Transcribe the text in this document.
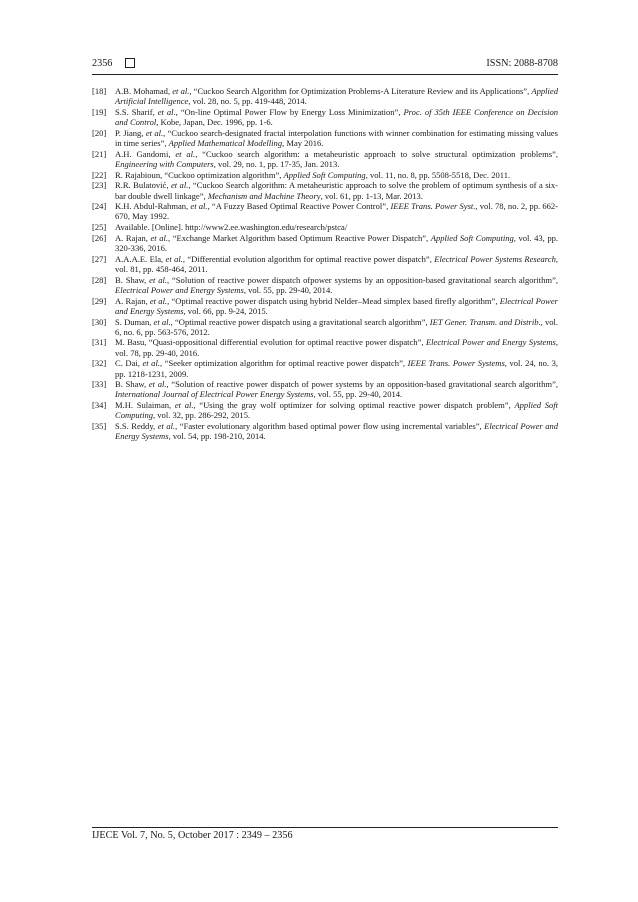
2356	ISSN: 2088-8708
[18]	A.B. Mohamad, et al., “Cuckoo Search Algorithm for Optimization Problems-A Literature Review and its Applications”, Applied Artificial Intelligence, vol. 28, no. 5, pp. 419-448, 2014.
[19]	S.S. Sharif, et al., “On-line Optimal Power Flow by Energy Loss Minimization”, Proc. of 35th IEEE Conference on Decision and Control, Kobe, Japan, Dec. 1996, pp. 1-6.
[20]	P. Jiang, et al., “Cuckoo search-designated fractal interpolation functions with winner combination for estimating missing values in time series”, Applied Mathematical Modelling, May 2016.
[21]	A.H. Gandomi, et al., “Cuckoo search algorithm: a metaheuristic approach to solve structural optimization problems”, Engineering with Computers, vol. 29, no. 1, pp. 17-35, Jan. 2013.
[22]	R. Rajabioun, “Cuckoo optimization algorithm”, Applied Soft Computing, vol. 11, no. 8, pp. 5508-5518, Dec. 2011.
[23]	R.R. Bulatović, et al., “Cuckoo Search algorithm: A metaheuristic approach to solve the problem of optimum synthesis of a six-bar double dwell linkage”, Mechanism and Machine Theory, vol. 61, pp. 1-13, Mar. 2013.
[24]	K.H. Abdul-Rahman, et al., “A Fuzzy Based Optimal Reactive Power Control”, IEEE Trans. Power Syst., vol. 78, no. 2, pp. 662-670, May 1992.
[25]	Available. [Online]. http://www2.ee.washington.edu/research/pstca/
[26]	A. Rajan, et al., “Exchange Market Algorithm based Optimum Reactive Power Dispatch”, Applied Soft Computing, vol. 43, pp. 320-336, 2016.
[27]	A.A.A.E. Ela, et al., “Differential evolution algorithm for optimal reactive power dispatch”, Electrical Power Systems Research, vol. 81, pp. 458-464, 2011.
[28]	B. Shaw, et al., “Solution of reactive power dispatch ofpower systems by an opposition-based gravitational search algorithm”, Electrical Power and Energy Systems, vol. 55, pp. 29-40, 2014.
[29]	A. Rajan, et al., “Optimal reactive power dispatch using hybrid Nelder–Mead simplex based firefly algorithm”, Electrical Power and Energy Systems, vol. 66, pp. 9-24, 2015.
[30]	S. Duman, et al., “Optimal reactive power dispatch using a gravitational search algorithm”, IET Gener. Transm. and Distrib., vol. 6, no. 6, pp. 563-576, 2012.
[31]	M. Basu, “Quasi-oppositional differential evolution for optimal reactive power dispatch”, Electrical Power and Energy Systems, vol. 78, pp. 29-40, 2016.
[32]	C. Dai, et al., “Seeker optimization algorithm for optimal reactive power dispatch”, IEEE Trans. Power Systems, vol. 24, no. 3, pp. 1218-1231, 2009.
[33]	B. Shaw, et al., “Solution of reactive power dispatch of power systems by an opposition-based gravitational search algorithm”, International Journal of Electrical Power Energy Systems, vol. 55, pp. 29-40, 2014.
[34]	M.H. Sulaiman, et al., “Using the gray wolf optimizer for solving optimal reactive power dispatch problem”, Applied Soft Computing, vol. 32, pp. 286-292, 2015.
[35]	S.S. Reddy, et al., “Faster evolutionary algorithm based optimal power flow using incremental variables”, Electrical Power and Energy Systems, vol. 54, pp. 198-210, 2014.
IJECE Vol. 7, No. 5, October 2017 : 2349 – 2356
